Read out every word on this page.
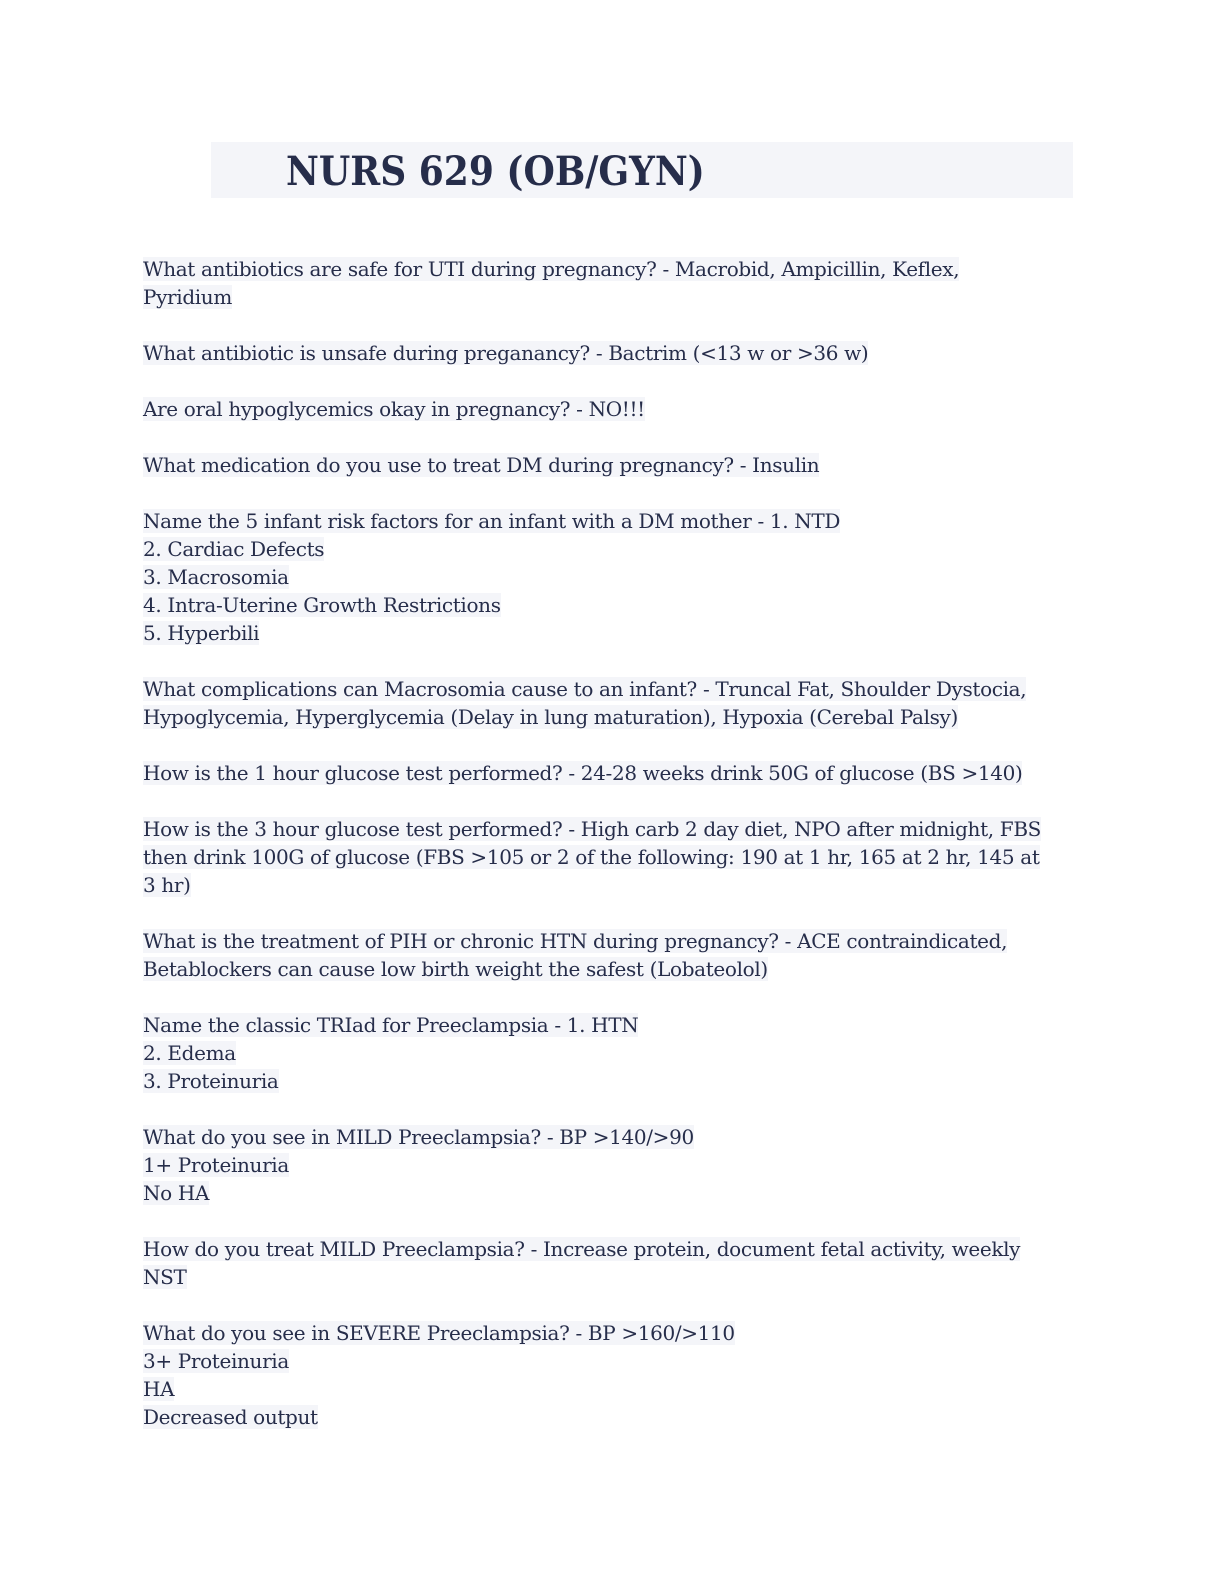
NURS 629 (OB/GYN)
What antibiotics are safe for UTI during pregnancy? - Macrobid, Ampicillin, Keflex,
Pyridium
What antibiotic is unsafe during preganancy? - Bactrim (<13 w or >36 w)
Are oral hypoglycemics okay in pregnancy? - NO!!!
What medication do you use to treat DM during pregnancy? - Insulin
Name the 5 infant risk factors for an infant with a DM mother - 1. NTD
2. Cardiac Defects
3. Macrosomia
4. Intra-Uterine Growth Restrictions
5. Hyperbili
What complications can Macrosomia cause to an infant? - Truncal Fat, Shoulder Dystocia,
Hypoglycemia, Hyperglycemia (Delay in lung maturation), Hypoxia (Cerebal Palsy)
How is the 1 hour glucose test performed? - 24-28 weeks drink 50G of glucose (BS >140)
How is the 3 hour glucose test performed? - High carb 2 day diet, NPO after midnight, FBS
then drink 100G of glucose (FBS >105 or 2 of the following: 190 at 1 hr, 165 at 2 hr, 145 at
3 hr)
What is the treatment of PIH or chronic HTN during pregnancy? - ACE contraindicated,
Betablockers can cause low birth weight the safest (Lobateolol)
Name the classic TRIad for Preeclampsia - 1. HTN
2. Edema
3. Proteinuria
What do you see in MILD Preeclampsia? - BP >140/>90
1+ Proteinuria
No HA
How do you treat MILD Preeclampsia? - Increase protein, document fetal activity, weekly
NST
What do you see in SEVERE Preeclampsia? - BP >160/>110
3+ Proteinuria
HA
Decreased output
